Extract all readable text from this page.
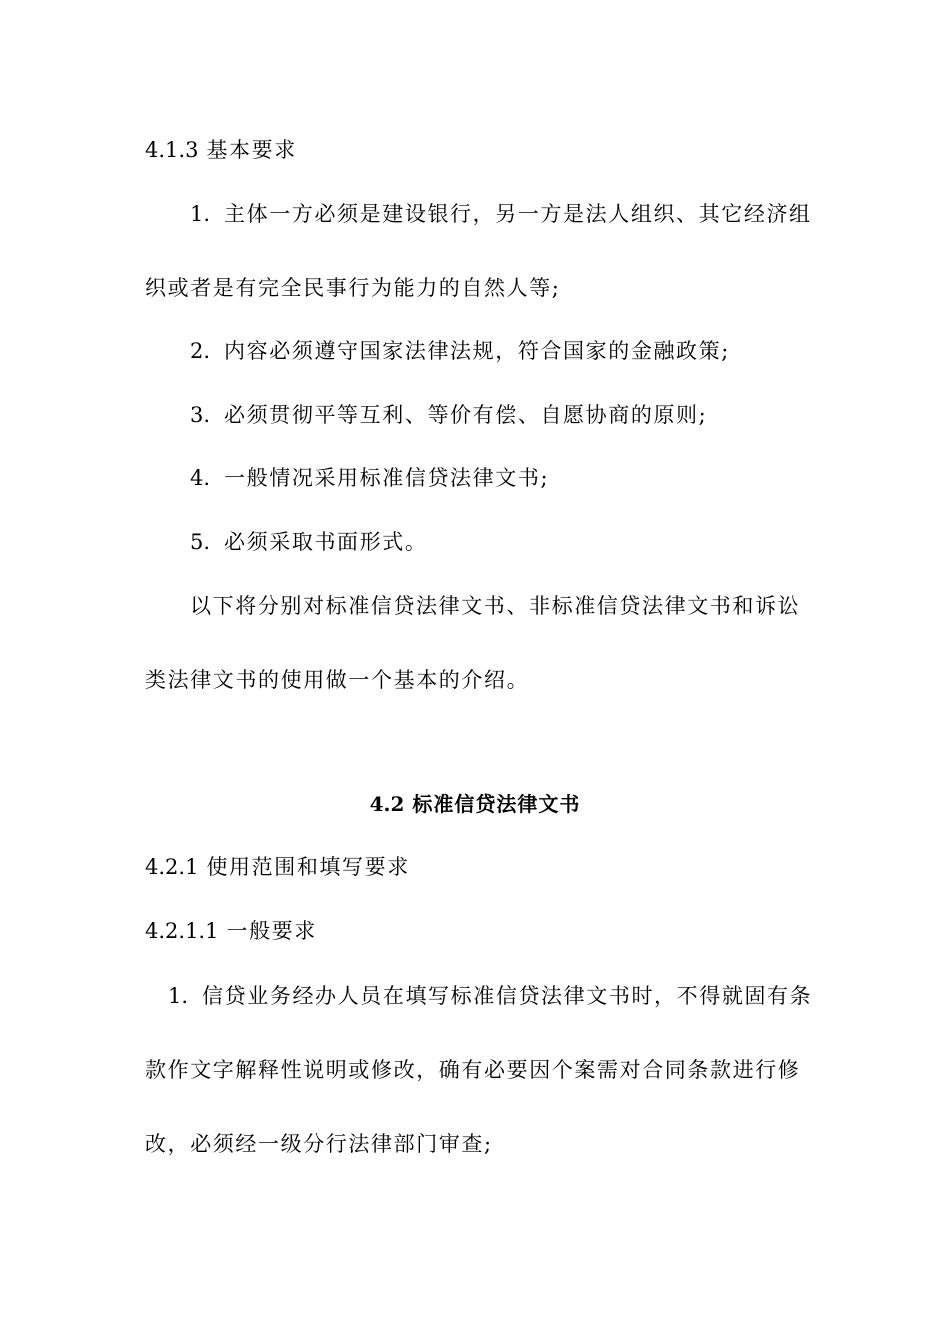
4.1.3 基本要求
1. 主体一方必须是建设银行，另一方是法人组织、其它经济组
织或者是有完全民事行为能力的自然人等;
2. 内容必须遵守国家法律法规，符合国家的金融政策;
3. 必须贯彻平等互利、等价有偿、自愿协商的原则;
4. 一般情况采用标准信贷法律文书;
5. 必须采取书面形式。
以下将分别对标准信贷法律文书、非标准信贷法律文书和诉讼
类法律文书的使用做一个基本的介绍。
4.2 标准信贷法律文书
4.2.1 使用范围和填写要求
4.2.1.1 一般要求
1. 信贷业务经办人员在填写标准信贷法律文书时，不得就固有条
款作文字解释性说明或修改，确有必要因个案需对合同条款进行修
改，必须经一级分行法律部门审查;
